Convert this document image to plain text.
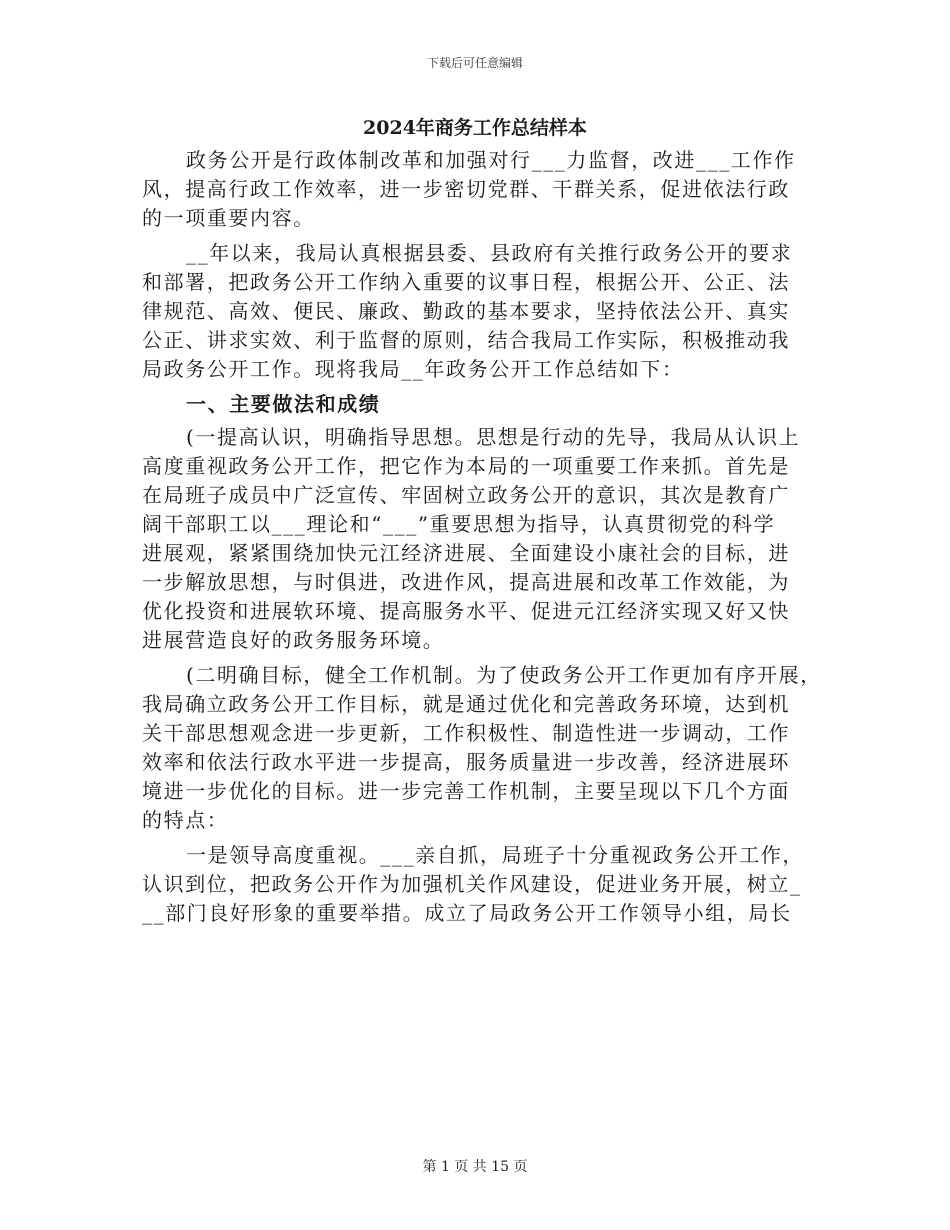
下载后可任意编辑
2024年商务工作总结样本

政务公开是行政体制改革和加强对行___力监督，改进___工作作
风，提高行政工作效率，进一步密切党群、干群关系，促进依法行政
的一项重要内容。

__年以来，我局认真根据县委、县政府有关推行政务公开的要求
和部署，把政务公开工作纳入重要的议事日程，根据公开、公正、法
律规范、高效、便民、廉政、勤政的基本要求，坚持依法公开、真实
公正、讲求实效、利于监督的原则，结合我局工作实际，积极推动我
局政务公开工作。现将我局__年政务公开工作总结如下：

一、主要做法和成绩

(一提高认识，明确指导思想。思想是行动的先导，我局从认识上
高度重视政务公开工作，把它作为本局的一项重要工作来抓。首先是
在局班子成员中广泛宣传、牢固树立政务公开的意识，其次是教育广
阔干部职工以___理论和“___”重要思想为指导，认真贯彻党的科学
进展观，紧紧围绕加快元江经济进展、全面建设小康社会的目标，进
一步解放思想，与时俱进，改进作风，提高进展和改革工作效能，为
优化投资和进展软环境、提高服务水平、促进元江经济实现又好又快
进展营造良好的政务服务环境。

(二明确目标，健全工作机制。为了使政务公开工作更加有序开展，
我局确立政务公开工作目标，就是通过优化和完善政务环境，达到机
关干部思想观念进一步更新，工作积极性、制造性进一步调动，工作
效率和依法行政水平进一步提高，服务质量进一步改善，经济进展环
境进一步优化的目标。进一步完善工作机制，主要呈现以下几个方面
的特点：

一是领导高度重视。___亲自抓，局班子十分重视政务公开工作，
认识到位，把政务公开作为加强机关作风建设，促进业务开展，树立_
__部门良好形象的重要举措。成立了局政务公开工作领导小组，局长

第 1 页 共 15 页
